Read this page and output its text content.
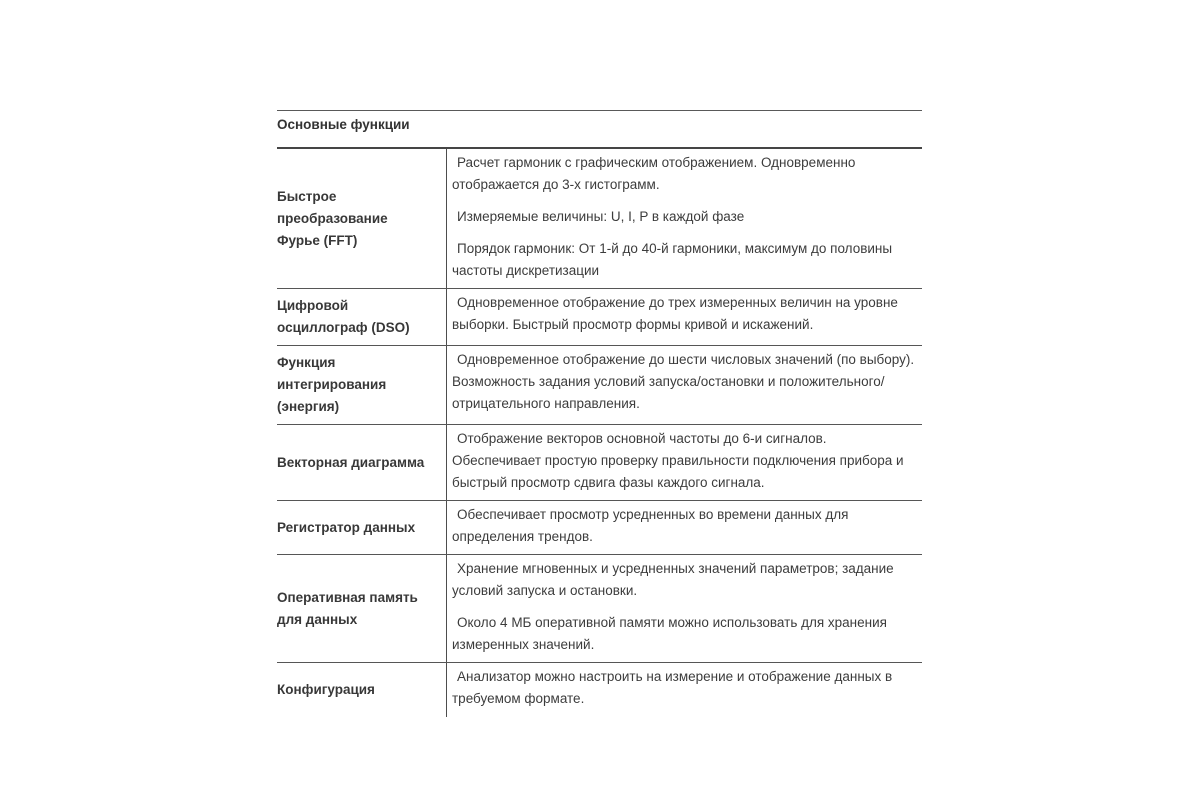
Основные функции
Быстрое преобразование Фурье (FFT)

Расчет гармоник с графическим отображением. Одновременно отображается до 3-х гистограмм.

Измеряемые величины: U, I, P в каждой фазе

Порядок гармоник: От 1-й до 40-й гармоники, максимум до половины частоты дискретизации

Цифровой осциллограф (DSO)

Одновременное отображение до трех измеренных величин на уровне выборки. Быстрый просмотр формы кривой и искажений.

Функция интегрирования (энергия)

Одновременное отображение до шести числовых значений (по выбору). Возможность задания условий запуска/остановки и положительного/отрицательного направления.

Векторная диаграмма

Отображение векторов основной частоты до 6-и сигналов. Обеспечивает простую проверку правильности подключения прибора и быстрый просмотр сдвига фазы каждого сигнала.

Регистратор данных

Обеспечивает просмотр усредненных во времени данных для определения трендов.

Оперативная память для данных

Хранение мгновенных и усредненных значений параметров; задание условий запуска и остановки.

Около 4 МБ оперативной памяти можно использовать для хранения измеренных значений.

Конфигурация

Анализатор можно настроить на измерение и отображение данных в требуемом формате.
